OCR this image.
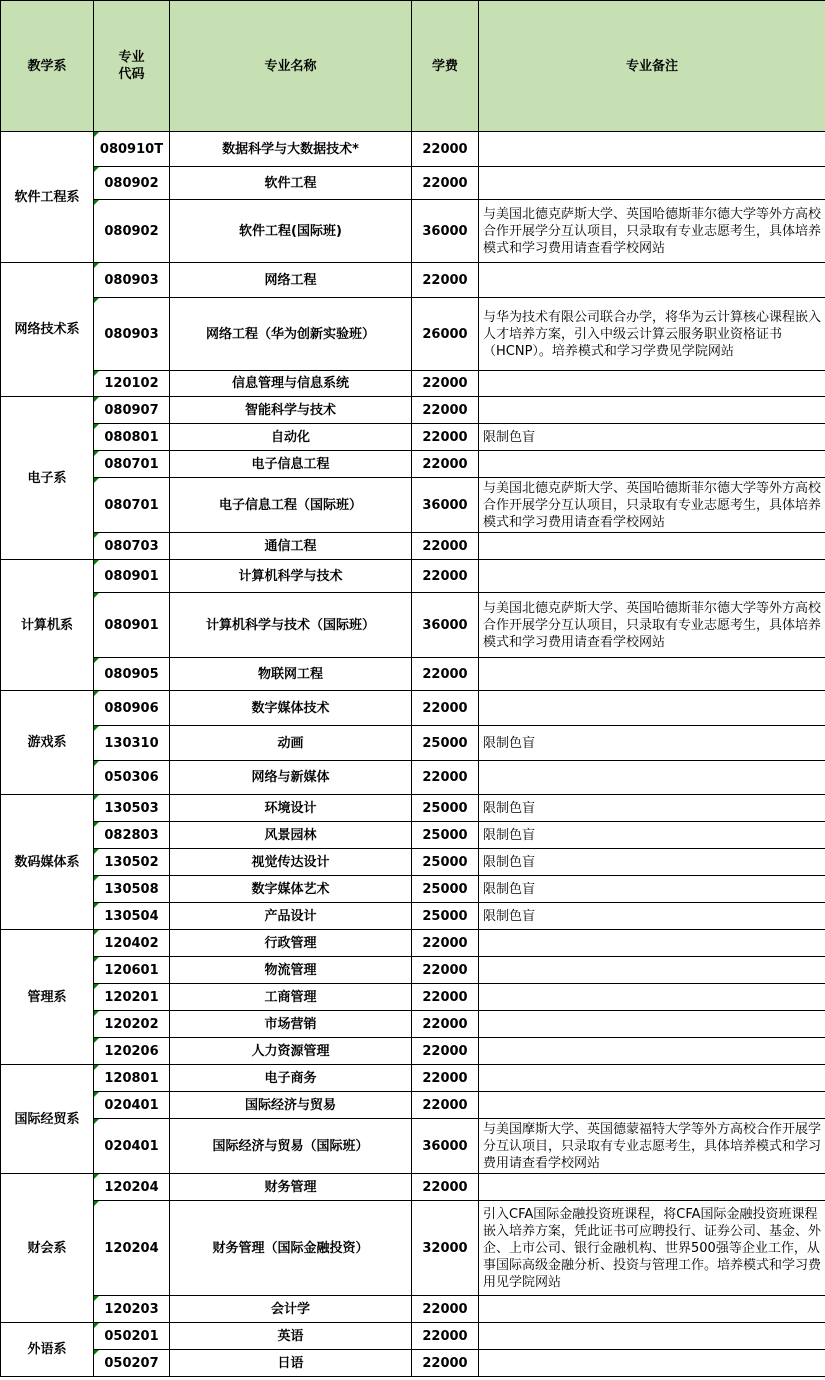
教学系	专业代码	专业名称	学费	专业备注
软件工程系	080910T	数据科学与大数据技术*	22000	
	080902	软件工程	22000	
	080902	软件工程(国际班)	36000	与美国北德克萨斯大学、英国哈德斯菲尔德大学等外方高校合作开展学分互认项目，只录取有专业志愿考生，具体培养模式和学习费用请查看学校网站
网络技术系	080903	网络工程	22000	
	080903	网络工程（华为创新实验班）	26000	与华为技术有限公司联合办学，将华为云计算核心课程嵌入人才培养方案，引入中级云计算云服务职业资格证书（HCNP）。培养模式和学习学费见学院网站
	120102	信息管理与信息系统	22000	
电子系	080907	智能科学与技术	22000	
	080801	自动化	22000	限制色盲
	080701	电子信息工程	22000	
	080701	电子信息工程（国际班）	36000	与美国北德克萨斯大学、英国哈德斯菲尔德大学等外方高校合作开展学分互认项目，只录取有专业志愿考生，具体培养模式和学习费用请查看学校网站
	080703	通信工程	22000	
计算机系	080901	计算机科学与技术	22000	
	080901	计算机科学与技术（国际班）	36000	与美国北德克萨斯大学、英国哈德斯菲尔德大学等外方高校合作开展学分互认项目，只录取有专业志愿考生，具体培养模式和学习费用请查看学校网站
	080905	物联网工程	22000	
游戏系	080906	数字媒体技术	22000	
	130310	动画	25000	限制色盲
	050306	网络与新媒体	22000	
数码媒体系	130503	环境设计	25000	限制色盲
	082803	风景园林	25000	限制色盲
	130502	视觉传达设计	25000	限制色盲
	130508	数字媒体艺术	25000	限制色盲
	130504	产品设计	25000	限制色盲
管理系	120402	行政管理	22000	
	120601	物流管理	22000	
	120201	工商管理	22000	
	120202	市场营销	22000	
	120206	人力资源管理	22000	
国际经贸系	120801	电子商务	22000	
	020401	国际经济与贸易	22000	
	020401	国际经济与贸易（国际班）	36000	与美国摩斯大学、英国德蒙福特大学等外方高校合作开展学分互认项目，只录取有专业志愿考生，具体培养模式和学习费用请查看学校网站
财会系	120204	财务管理	22000	
	120204	财务管理（国际金融投资）	32000	引入CFA国际金融投资班课程，将CFA国际金融投资班课程嵌入培养方案，凭此证书可应聘投行、证券公司、基金、外企、上市公司、银行金融机构、世界500强等企业工作，从事国际高级金融分析、投资与管理工作。培养模式和学习费用见学院网站
	120203	会计学	22000	
外语系	050201	英语	22000	
	050207	日语	22000	
